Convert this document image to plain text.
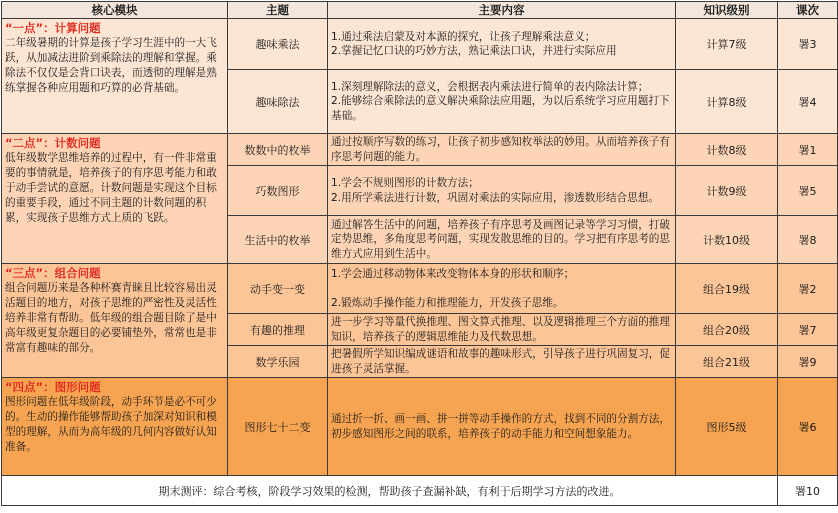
核心模块	主题	主要内容	知识级别	课次

“一点”：计算问题
二年级暑期的计算是孩子学习生涯中的一大飞跃，从加减法进阶到乘除法的理解和掌握。乘除法不仅仅是会背口诀表，而透彻的理解是熟练掌握各种应用题和巧算的必背基础。	趣味乘法	1.通过乘法启蒙及对本源的探究，让孩子理解乘法意义；
2.掌握记忆口诀的巧妙方法，熟记乘法口诀，并进行实际应用	计算7级	署3
	趣味除法	1.深刻理解除法的意义，会根据表内乘法进行简单的表内除法计算；
2.能够综合乘除法的意义解决乘除法应用题，为以后系统学习应用题打下基础。	计算8级	署4

“二点”：计数问题
低年级数学思维培养的过程中，有一件非常重要的事情就是，培养孩子的有序思考能力和敢于动手尝试的意愿。计数问题是实现这个目标的重要手段，通过不同主题的计数问题的积累，实现孩子思维方式上质的飞跃。	数数中的枚举	通过按顺序写数的练习，让孩子初步感知枚举法的妙用。从而培养孩子有序思考问题的能力。	计数8级	署1
	巧数图形	1.学会不规则图形的计数方法；
2.用所学乘法进行计数，巩固对乘法的实际应用，渗透数形结合思想。	计数9级	署5
	生活中的枚举	通过解答生活中的问题，培养孩子有序思考及画图记录等学习习惯，打破定势思维，多角度思考问题，实现发散思维的目的。学习把有序思考的思维方式应用到生活中。	计数10级	署8

“三点”：组合问题
组合问题历来是各种杯赛青睐且比较容易出灵活题目的地方，对孩子思维的严密性及灵活性培养非常有帮助。低年级的组合题目除了是中高年级更复杂题目的必要铺垫外，常常也是非常富有趣味的部分。	动手变一变	1.学会通过移动物体来改变物体本身的形状和顺序；

2.锻炼动手操作能力和推理能力，开发孩子思维。	组合19级	署2
	有趣的推理	进一步学习等量代换推理、图文算式推理、以及逻辑推理三个方面的推理知识，培养孩子的逻辑思维能力及代数思想。	组合20级	署7
	数学乐园	把暑假所学知识编成谜语和故事的趣味形式，引导孩子进行巩固复习，促进孩子灵活掌握。	组合21级	署9

“四点”：图形问题
图形问题在低年级阶段，动手环节是必不可少的。生动的操作能够帮助孩子加深对知识和模型的理解，从而为高年级的几何内容做好认知准备。	图形七十二变	通过折一折、画一画、拼一拼等动手操作的方式，找到不同的分割方法，初步感知图形之间的联系，培养孩子的动手能力和空间想象能力。	图形5级	署6
期末测评：综合考核，阶段学习效果的检测，帮助孩子查漏补缺，有利于后期学习方法的改进。				署10
